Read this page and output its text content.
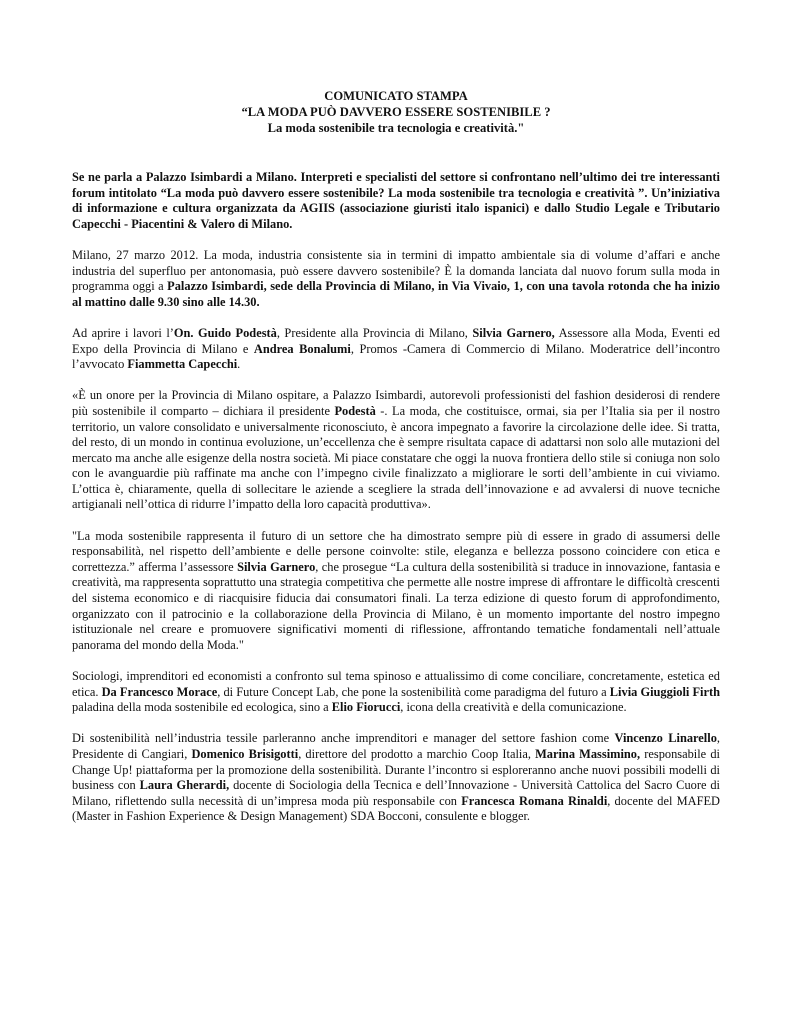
COMUNICATO STAMPA
“LA MODA PUÒ DAVVERO ESSERE SOSTENIBILE ?
La moda sostenibile tra tecnologia e creatività."

Se ne parla a Palazzo Isimbardi a Milano. Interpreti e specialisti del settore si confrontano nell’ultimo dei tre interessanti forum intitolato “La moda può davvero essere sostenibile? La moda sostenibile tra tecnologia e creatività ”. Un’iniziativa di informazione e cultura organizzata da AGIIS (associazione giuristi italo ispanici) e dallo Studio Legale e Tributario Capecchi - Piacentini & Valero di Milano.

Milano, 27 marzo 2012. La moda, industria consistente sia in termini di impatto ambientale sia di volume d’affari e anche industria del superfluo per antonomasia, può essere davvero sostenibile? È la domanda lanciata dal nuovo forum sulla moda in programma oggi a Palazzo Isimbardi, sede della Provincia di Milano, in Via Vivaio, 1, con una tavola rotonda che ha inizio al mattino dalle 9.30 sino alle 14.30.

Ad aprire i lavori l’On. Guido Podestà, Presidente alla Provincia di Milano, Silvia Garnero, Assessore alla Moda, Eventi ed Expo della Provincia di Milano e Andrea Bonalumi, Promos -Camera di Commercio di Milano. Moderatrice dell’incontro l’avvocato Fiammetta Capecchi.

«È un onore per la Provincia di Milano ospitare, a Palazzo Isimbardi, autorevoli professionisti del fashion desiderosi di rendere più sostenibile il comparto – dichiara il presidente Podestà -. La moda, che costituisce, ormai, sia per l’Italia sia per il nostro territorio, un valore consolidato e universalmente riconosciuto, è ancora impegnato a favorire la circolazione delle idee. Si tratta, del resto, di un mondo in continua evoluzione, un’eccellenza che è sempre risultata capace di adattarsi non solo alle mutazioni del mercato ma anche alle esigenze della nostra società. Mi piace constatare che oggi la nuova frontiera dello stile si coniuga non solo con le avanguardie più raffinate ma anche con l’impegno civile finalizzato a migliorare le sorti dell’ambiente in cui viviamo. L’ottica è, chiaramente, quella di sollecitare le aziende a scegliere la strada dell’innovazione e ad avvalersi di nuove tecniche artigianali nell’ottica di ridurre l’impatto della loro capacità produttiva».

"La moda sostenibile rappresenta il futuro di un settore che ha dimostrato sempre più di essere in grado di assumersi delle responsabilità, nel rispetto dell’ambiente e delle persone coinvolte: stile, eleganza e bellezza possono coincidere con etica e correttezza.” afferma l’assessore Silvia Garnero, che prosegue “La cultura della sostenibilità si traduce in innovazione, fantasia e creatività, ma rappresenta soprattutto una strategia competitiva che permette alle nostre imprese di affrontare le difficoltà crescenti del sistema economico e di riacquisire fiducia dai consumatori finali. La terza edizione di questo forum di approfondimento, organizzato con il patrocinio e la collaborazione della Provincia di Milano, è un momento importante del nostro impegno istituzionale nel creare e promuovere significativi momenti di riflessione, affrontando tematiche fondamentali nell’attuale panorama del mondo della Moda."

Sociologi, imprenditori ed economisti a confronto sul tema spinoso e attualissimo di come conciliare, concretamente, estetica ed etica. Da Francesco Morace, di Future Concept Lab, che pone la sostenibilità come paradigma del futuro a Livia Giuggioli Firth paladina della moda sostenibile ed ecologica, sino a Elio Fiorucci, icona della creatività e della comunicazione.

Di sostenibilità nell’industria tessile parleranno anche imprenditori e manager del settore fashion come Vincenzo Linarello, Presidente di Cangiari, Domenico Brisigotti, direttore del prodotto a marchio Coop Italia, Marina Massimino, responsabile di Change Up! piattaforma per la promozione della sostenibilità. Durante l’incontro si esploreranno anche nuovi possibili modelli di business con Laura Gherardi, docente di Sociologia della Tecnica e dell’Innovazione - Università Cattolica del Sacro Cuore di Milano, riflettendo sulla necessità di un’impresa moda più responsabile con Francesca Romana Rinaldi, docente del MAFED (Master in Fashion Experience & Design Management) SDA Bocconi, consulente e blogger.
